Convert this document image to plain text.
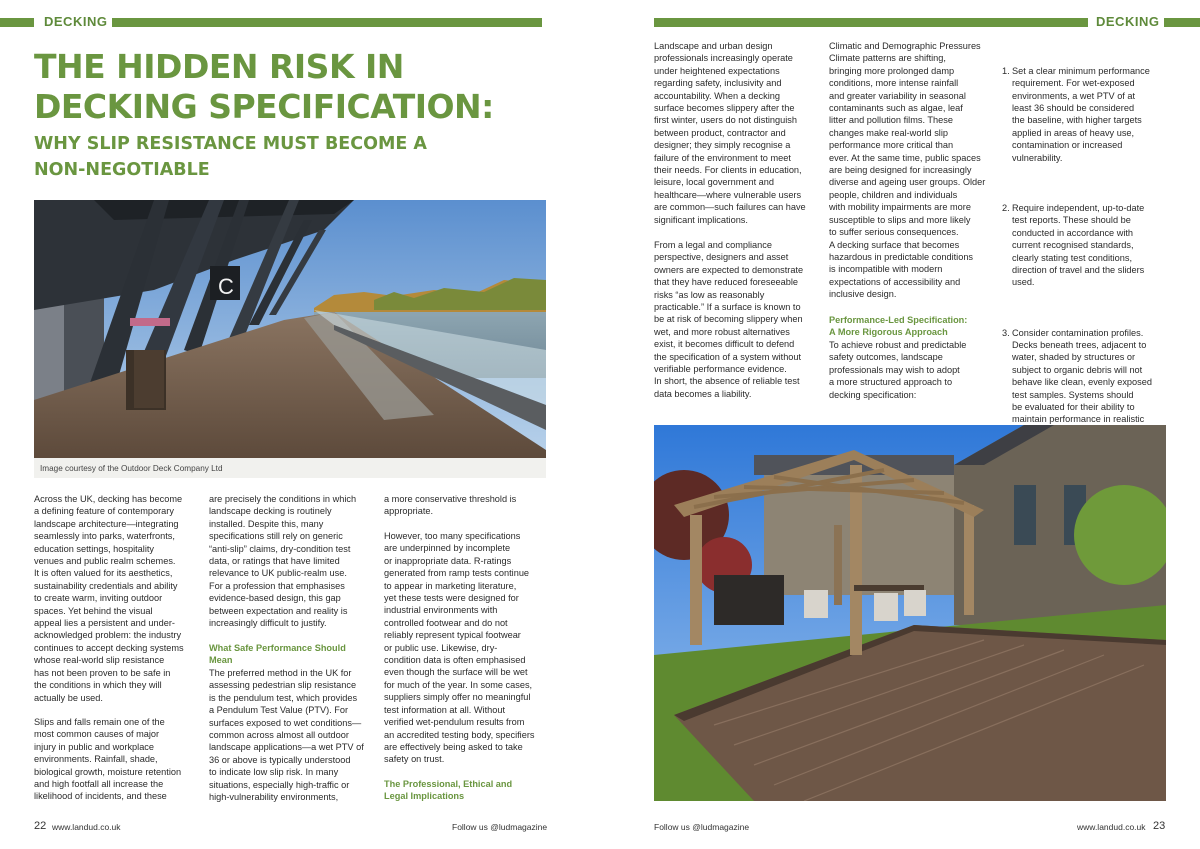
DECKING
THE HIDDEN RISK IN
DECKING SPECIFICATION:
WHY SLIP RESISTANCE MUST BECOME A
NON-NEGOTIABLE
C
Image courtesy of the Outdoor Deck Company Ltd
Across the UK, decking has become
a defining feature of contemporary
landscape architecture—integrating
seamlessly into parks, waterfronts,
education settings, hospitality
venues and public realm schemes.
It is often valued for its aesthetics,
sustainability credentials and ability
to create warm, inviting outdoor
spaces. Yet behind the visual
appeal lies a persistent and under-
acknowledged problem: the industry
continues to accept decking systems
whose real-world slip resistance
has not been proven to be safe in
the conditions in which they will
actually be used.
Slips and falls remain one of the
most common causes of major
injury in public and workplace
environments. Rainfall, shade,
biological growth, moisture retention
and high footfall all increase the
likelihood of incidents, and these
are precisely the conditions in which
landscape decking is routinely
installed. Despite this, many
specifications still rely on generic
“anti-slip” claims, dry-condition test
data, or ratings that have limited
relevance to UK public-realm use.
For a profession that emphasises
evidence-based design, this gap
between expectation and reality is
increasingly difficult to justify.
What Safe Performance Should
Mean
The preferred method in the UK for
assessing pedestrian slip resistance
is the pendulum test, which provides
a Pendulum Test Value (PTV). For
surfaces exposed to wet conditions—
common across almost all outdoor
landscape applications—a wet PTV of
36 or above is typically understood
to indicate low slip risk. In many
situations, especially high-traffic or
high-vulnerability environments,
a more conservative threshold is
appropriate.
However, too many specifications
are underpinned by incomplete
or inappropriate data. R-ratings
generated from ramp tests continue
to appear in marketing literature,
yet these tests were designed for
industrial environments with
controlled footwear and do not
reliably represent typical footwear
or public use. Likewise, dry-
condition data is often emphasised
even though the surface will be wet
for much of the year. In some cases,
suppliers simply offer no meaningful
test information at all. Without
verified wet-pendulum results from
an accredited testing body, specifiers
are effectively being asked to take
safety on trust.
The Professional, Ethical and
Legal Implications
22 www.landud.co.uk	Follow us @ludmagazine
DECKING
Landscape and urban design
professionals increasingly operate
under heightened expectations
regarding safety, inclusivity and
accountability. When a decking
surface becomes slippery after the
first winter, users do not distinguish
between product, contractor and
designer; they simply recognise a
failure of the environment to meet
their needs. For clients in education,
leisure, local government and
healthcare—where vulnerable users
are common—such failures can have
significant implications.
From a legal and compliance
perspective, designers and asset
owners are expected to demonstrate
that they have reduced foreseeable
risks “as low as reasonably
practicable.” If a surface is known to
be at risk of becoming slippery when
wet, and more robust alternatives
exist, it becomes difficult to defend
the specification of a system without
verifiable performance evidence.
In short, the absence of reliable test
data becomes a liability.
Climatic and Demographic Pressures
Climate patterns are shifting,
bringing more prolonged damp
conditions, more intense rainfall
and greater variability in seasonal
contaminants such as algae, leaf
litter and pollution films. These
changes make real-world slip
performance more critical than
ever. At the same time, public spaces
are being designed for increasingly
diverse and ageing user groups. Older
people, children and individuals
with mobility impairments are more
susceptible to slips and more likely
to suffer serious consequences.
A decking surface that becomes
hazardous in predictable conditions
is incompatible with modern
expectations of accessibility and
inclusive design.
Performance-Led Specification:
A More Rigorous Approach
To achieve robust and predictable
safety outcomes, landscape
professionals may wish to adopt
a more structured approach to
decking specification:

1. Set a clear minimum performance
requirement. For wet-exposed
environments, a wet PTV of at
least 36 should be considered
the baseline, with higher targets
applied in areas of heavy use,
contamination or increased
vulnerability.

2. Require independent, up-to-date
test reports. These should be
conducted in accordance with
current recognised standards,
clearly stating test conditions,
direction of travel and the sliders
used.

3. Consider contamination profiles.
Decks beneath trees, adjacent to
water, shaded by structures or
subject to organic debris will not
behave like clean, evenly exposed
test samples. Systems should
be evaluated for their ability to
maintain performance in realistic

Follow us @ludmagazine	www.landud.co.uk 23
